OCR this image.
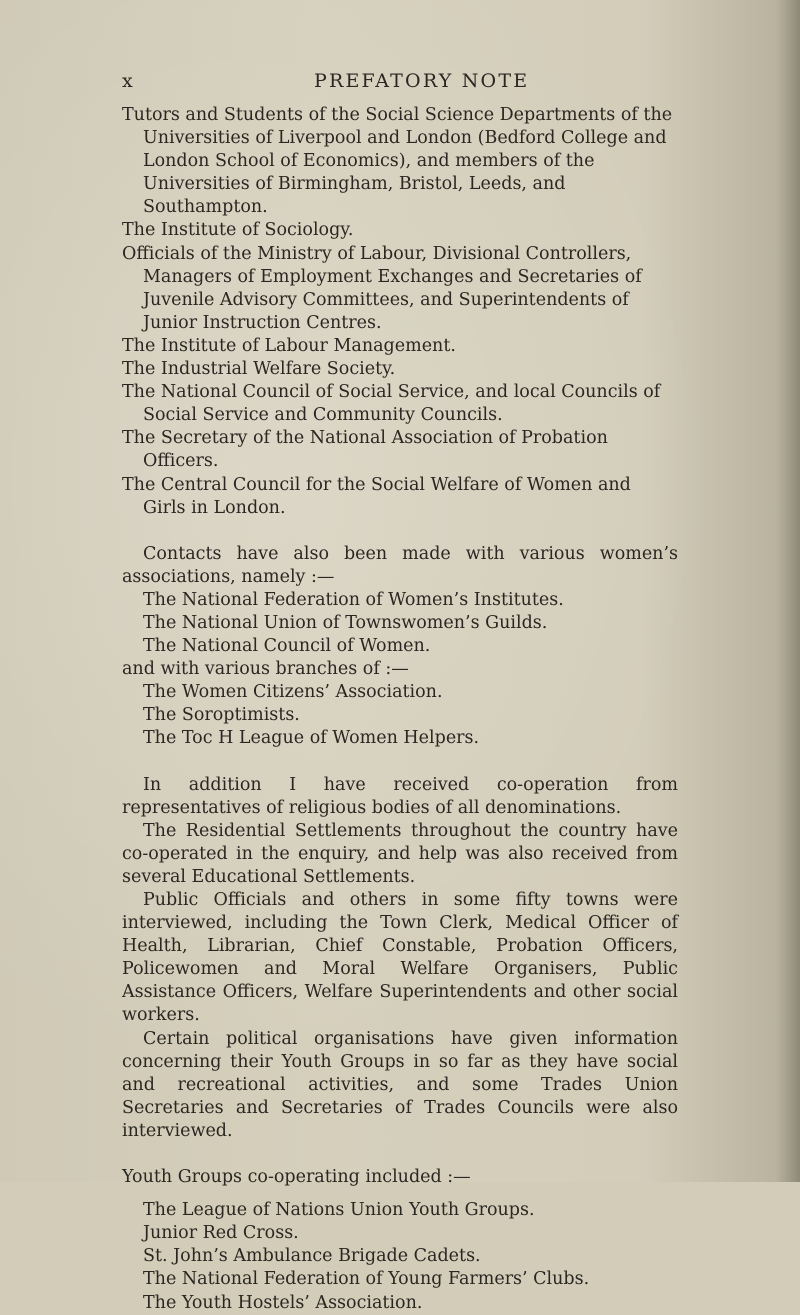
x	PREFATORY NOTE

Tutors and Students of the Social Science Departments of the Universities of Liverpool and London (Bedford College and London School of Economics), and members of the Universities of Birmingham, Bristol, Leeds, and Southampton.

The Institute of Sociology.

Officials of the Ministry of Labour, Divisional Controllers, Managers of Employment Exchanges and Secretaries of Juvenile Advisory Committees, and Superintendents of Junior Instruction Centres.

The Institute of Labour Management.

The Industrial Welfare Society.

The National Council of Social Service, and local Councils of Social Service and Community Councils.

The Secretary of the National Association of Probation Officers.

The Central Council for the Social Welfare of Women and Girls in London.

Contacts have also been made with various women’s associations, namely :—

The National Federation of Women’s Institutes.

The National Union of Townswomen’s Guilds.

The National Council of Women.

and with various branches of :—

The Women Citizens’ Association.

The Soroptimists.

The Toc H League of Women Helpers.

In addition I have received co-operation from representatives of religious bodies of all denominations.

The Residential Settlements throughout the country have co-operated in the enquiry, and help was also received from several Educational Settlements.

Public Officials and others in some fifty towns were interviewed, including the Town Clerk, Medical Officer of Health, Librarian, Chief Constable, Probation Officers, Policewomen and Moral Welfare Organisers, Public Assistance Officers, Welfare Superintendents and other social workers.

Certain political organisations have given information concerning their Youth Groups in so far as they have social and recreational activities, and some Trades Union Secretaries and Secretaries of Trades Councils were also interviewed.

Youth Groups co-operating included :—

The League of Nations Union Youth Groups.

Junior Red Cross.

St. John’s Ambulance Brigade Cadets.

The National Federation of Young Farmers’ Clubs.

The Youth Hostels’ Association.
